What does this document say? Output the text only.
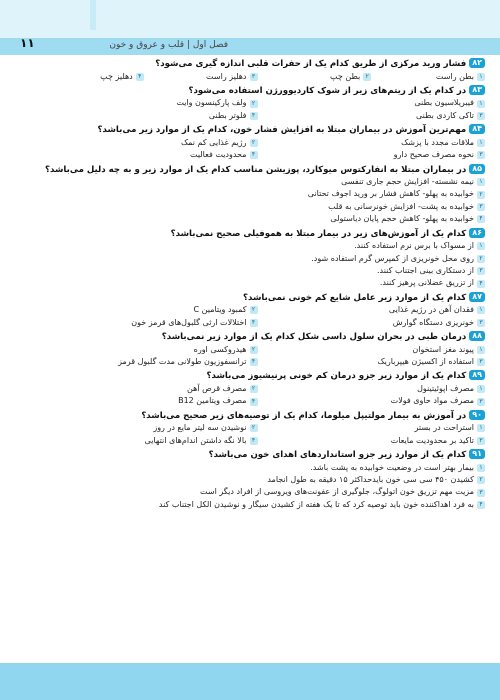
۱۱	فصل اول | قلب و عروق و خون
۸۲فشار ورید مرکزی از طریق کدام یک از حفرات قلبی اندازه گیری می‌شود؟
۱
بطن راست
۲
بطن چپ
۳
دهلیز راست
۴
دهلیز چپ
۸۳در کدام یک از ریتم‌های زیر از شوک کاردیوورژن استفاده می‌شود؟
۱
فیبریلاسیون بطنی
۲
ولف پارکینسون وایت
۳
تاکی کاردی بطنی
۴
فلوتر بطنی
۸۴مهم‌ترین آموزش در بیماران مبتلا به افزایش فشار خون، کدام یک از موارد زیر می‌باشد؟
۱
ملاقات مجدد با پزشک
۲
رژیم غذایی کم نمک
۳
نحوه مصرف صحیح دارو
۴
محدودیت فعالیت
۸۵در بیماران مبتلا به انفارکتوس میوکارد، پوزیشن مناسب کدام یک از موارد زیر و به چه دلیل می‌باشد؟
۱
نیمه نشسته- افزایش حجم جاری تنفسی
۲
خوابیده به پهلو- کاهش فشار بر ورید اجوف تحتانی
۳
خوابیده به پشت- افزایش خونرسانی به قلب
۴
خوابیده به پهلو- کاهش حجم پایان دیاستولی
۸۶کدام یک از آموزش‌های زیر در بیمار مبتلا به هموفیلی صحیح نمی‌باشد؟
۱
از مسواک با برس نرم استفاده کنند.
۲
روی محل خونریزی از کمپرس گرم استفاده شود.
۳
از دستکاری بینی اجتناب کنند.
۴
از تزریق عضلانی پرهیز کنند.
۸۷کدام یک از موارد زیر عامل شایع کم خونی نمی‌باشد؟
۱
فقدان آهن در رژیم غذایی
۲
کمبود ویتامین C
۳
خونریزی دستگاه گوارش
۴
اختلالات ارثی گلبول‌های قرمز خون
۸۸درمان طبی در بحران سلول داسی شکل کدام یک از موارد زیر نمی‌باشد؟
۱
پیوند مغز استخوان
۲
هیدروکسی اوره
۳
استفاده از اکسیژن هیپرباریک
۴
ترانسفوزیون طولانی مدت گلبول قرمز
۸۹کدام یک از موارد زیر جزو درمان کم خونی پرنیشیوز می‌باشد؟
۱
مصرف اپوئیتینول
۲
مصرف قرص آهن
۳
مصرف مواد حاوی فولات
۴
مصرف ویتامین B12
۹۰در آموزش به بیمار مولتیپل میلوما، کدام یک از توصیه‌های زیر صحیح می‌باشد؟
۱
استراحت در بستر
۲
نوشیدن سه لیتر مایع در روز
۳
تاکید بر محدودیت مایعات
۴
بالا نگه داشتن اندام‌های انتهایی
۹۱کدام یک از موارد زیر جزو استانداردهای اهدای خون می‌باشد؟
۱
بیمار بهتر است در وضعیت خوابیده به پشت باشد.
۲
کشیدن ۴۵۰ سی سی خون بایدحداکثر ۱۵ دقیقه به طول انجامد
۳
مزیت مهم تزریق خون اتولوگ، جلوگیری از عفونت‌های ویروسی از افراد دیگر است
۴
به فرد اهداکننده خون باید توصیه کرد که تا یک هفته از کشیدن سیگار و نوشیدن الکل اجتناب کند
